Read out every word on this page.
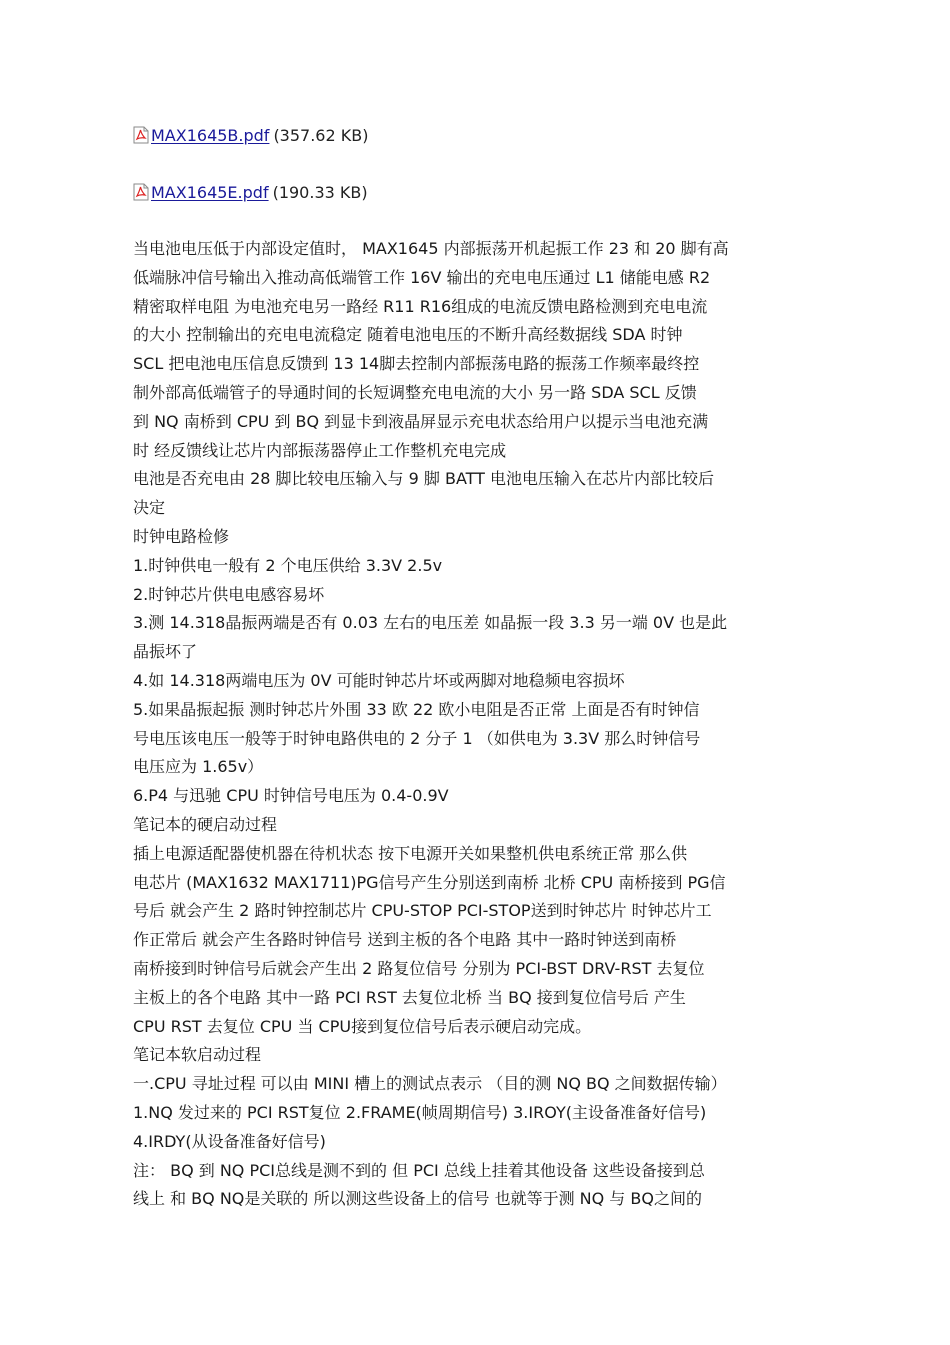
MAX1645B.pdf (357.62 KB)
MAX1645E.pdf (190.33 KB)
当电池电压低于内部设定值时， MAX1645 内部振荡开机起振工作 23 和 20 脚有高
低端脉冲信号输出入推动高低端管工作 16V 输出的充电电压通过 L1 储能电感 R2
精密取样电阻 为电池充电另一路经 R11 R16组成的电流反馈电路检测到充电电流
的大小 控制输出的充电电流稳定 随着电池电压的不断升高经数据线 SDA 时钟
SCL 把电池电压信息反馈到 13 14脚去控制内部振荡电路的振荡工作频率最终控
制外部高低端管子的导通时间的长短调整充电电流的大小 另一路 SDA SCL 反馈
到 NQ 南桥到 CPU 到 BQ 到显卡到液晶屏显示充电状态给用户以提示当电池充满
时 经反馈线让芯片内部振荡器停止工作整机充电完成
电池是否充电由 28 脚比较电压输入与 9 脚 BATT 电池电压输入在芯片内部比较后
决定
时钟电路检修
1.时钟供电一般有 2 个电压供给 3.3V 2.5v
2.时钟芯片供电电感容易坏
3.测 14.318晶振两端是否有 0.03 左右的电压差 如晶振一段 3.3 另一端 0V 也是此
晶振坏了
4.如 14.318两端电压为 0V 可能时钟芯片坏或两脚对地稳频电容损坏
5.如果晶振起振 测时钟芯片外围 33 欧 22 欧小电阻是否正常 上面是否有时钟信
号电压该电压一般等于时钟电路供电的 2 分子 1 （如供电为 3.3V 那么时钟信号
电压应为 1.65v）
6.P4 与迅驰 CPU 时钟信号电压为 0.4-0.9V
笔记本的硬启动过程
插上电源适配器使机器在待机状态 按下电源开关如果整机供电系统正常 那么供
电芯片 (MAX1632 MAX1711)PG信号产生分别送到南桥 北桥 CPU 南桥接到 PG信
号后 就会产生 2 路时钟控制芯片 CPU-STOP PCI-STOP送到时钟芯片 时钟芯片工
作正常后 就会产生各路时钟信号 送到主板的各个电路 其中一路时钟送到南桥
南桥接到时钟信号后就会产生出 2 路复位信号 分别为 PCI-BST DRV-RST 去复位
主板上的各个电路 其中一路 PCI RST 去复位北桥 当 BQ 接到复位信号后 产生
CPU RST 去复位 CPU 当 CPU接到复位信号后表示硬启动完成。
笔记本软启动过程
一.CPU 寻址过程 可以由 MINI 槽上的测试点表示 （目的测 NQ BQ 之间数据传输）
1.NQ 发过来的 PCI RST复位 2.FRAME(帧周期信号) 3.IROY(主设备准备好信号)
4.IRDY(从设备准备好信号)
注： BQ 到 NQ PCI总线是测不到的 但 PCI 总线上挂着其他设备 这些设备接到总
线上 和 BQ NQ是关联的 所以测这些设备上的信号 也就等于测 NQ 与 BQ之间的
